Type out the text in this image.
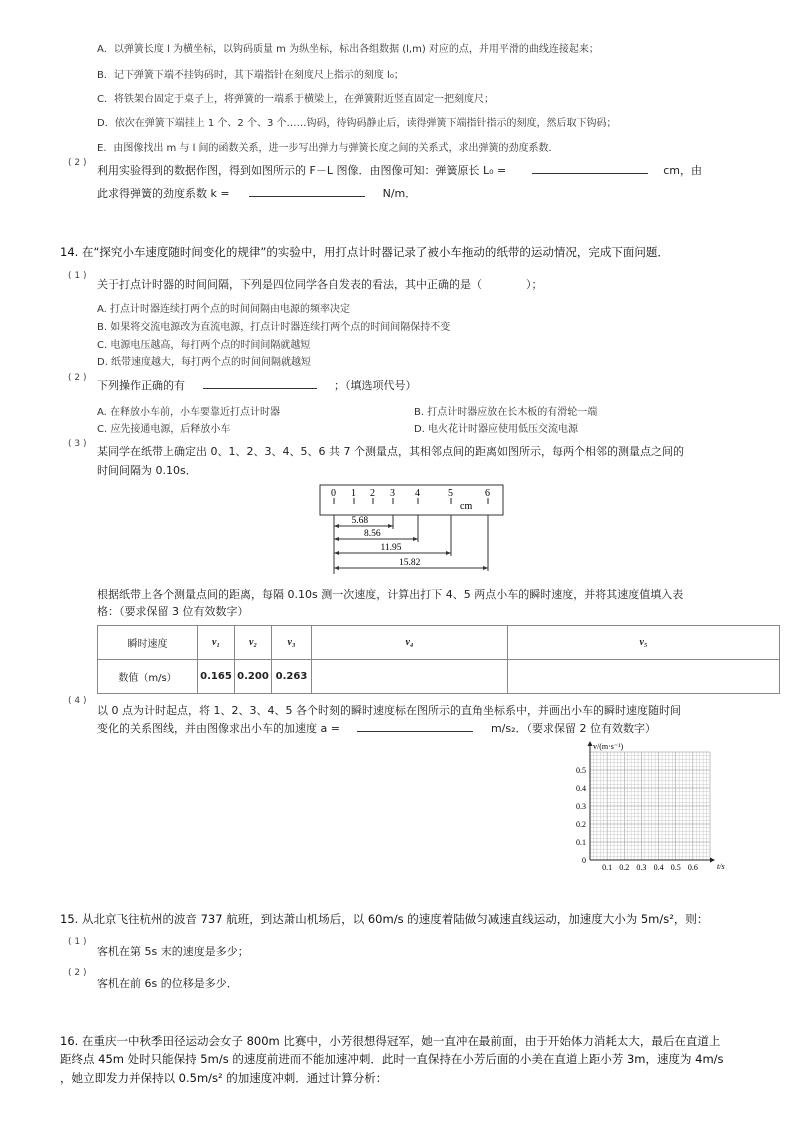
A．以弹簧长度 l 为横坐标，以钩码质量 m 为纵坐标，标出各组数据 (l,m) 对应的点，并用平滑的曲线连接起来；
B．记下弹簧下端不挂钩码时，其下端指针在刻度尺上指示的刻度 l₀；
C．将铁架台固定于桌子上，将弹簧的一端系于横梁上，在弹簧附近竖直固定一把刻度尺；
D．依次在弹簧下端挂上 1 个、2 个、3 个……钩码，待钩码静止后，读得弹簧下端指针指示的刻度，然后取下钩码；
E．由图像找出 m 与 l 间的函数关系，进一步写出弹力与弹簧长度之间的关系式，求出弹簧的劲度系数．
( 2 )
利用实验得到的数据作图，得到如图所示的 F－L 图像．由图像可知：弹簧原长 L₀ =	cm，由
此求得弹簧的劲度系数 k =	N/m．
14. 在“探究小车速度随时间变化的规律”的实验中，用打点计时器记录了被小车拖动的纸带的运动情况，完成下面问题．
( 1 )
关于打点计时器的时间间隔，下列是四位同学各自发表的看法，其中正确的是（　　　　）；
A. 打点计时器连续打两个点的时间间隔由电源的频率决定
B. 如果将交流电源改为直流电源，打点计时器连续打两个点的时间间隔保持不变
C. 电源电压越高，每打两个点的时间间隔就越短
D. 纸带速度越大，每打两个点的时间间隔就越短
( 2 )
下列操作正确的有	；（填选项代号）
A. 在释放小车前，小车要靠近打点计时器	B. 打点计时器应放在长木板的有滑轮一端
C. 应先接通电源，后释放小车	D. 电火花计时器应使用低压交流电源
( 3 )
某同学在纸带上确定出 0、1、2、3、4、5、6 共 7 个测量点，其相邻点间的距离如图所示，每两个相邻的测量点之间的
时间间隔为 0.10s．
0 1 2 3 4	5	6
cm
5.68
8.56
11.95
15.82
根据纸带上各个测量点间的距离，每隔 0.10s 测一次速度，计算出打下 4、5 两点小车的瞬时速度，并将其速度值填入表
格：（要求保留 3 位有效数字）
瞬时速度	v₁	v₂	v₃	v₄	v₅
数值（m/s）	0.165	0.200	0.263		
( 4 )
以 0 点为计时起点，将 1、2、3、4、5 各个时刻的瞬时速度标在图所示的直角坐标系中，并画出小车的瞬时速度随时间
变化的关系图线，并由图像求出小车的加速度 a =	m/s₂．（要求保留 2 位有效数字）
v/(m·s⁻¹)
t/s
0.5
0.4
0.3
0.2
0.1
0
0.1 0.2 0.3 0.4 0.5 0.6
15. 从北京飞往杭州的波音 737 航班，到达萧山机场后，以 60m/s 的速度着陆做匀减速直线运动，加速度大小为 5m/s²，则：
( 1 )
客机在第 5s 末的速度是多少；
( 2 )
客机在前 6s 的位移是多少．
16. 在重庆一中秋季田径运动会女子 800m 比赛中，小芳很想得冠军，她一直冲在最前面，由于开始体力消耗太大，最后在直道上
距终点 45m 处时只能保持 5m/s 的速度前进而不能加速冲刺．此时一直保持在小芳后面的小美在直道上距小芳 3m，速度为 4m/s
，她立即发力并保持以 0.5m/s² 的加速度冲刺．通过计算分析：
